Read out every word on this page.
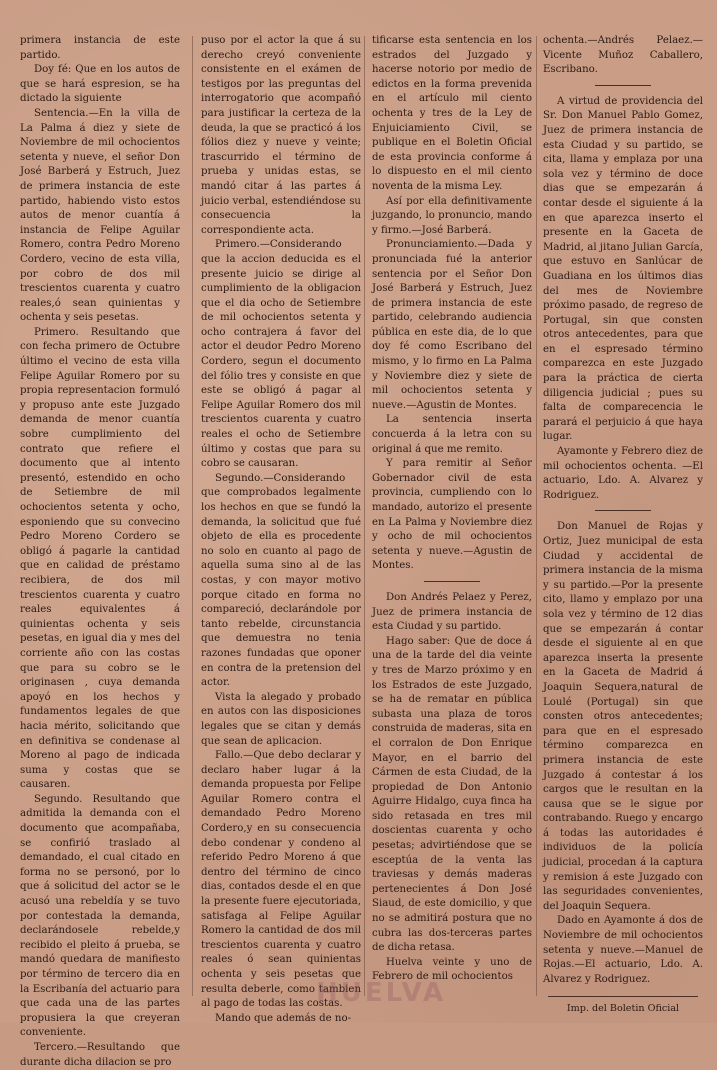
primera instancia de este partido.

Doy fé: Que en los autos de que se hará espresion, se ha dictado la siguiente

Sentencia.—En la villa de La Palma á diez y siete de Noviembre de mil ochocientos setenta y nueve, el señor Don José Barberá y Estruch, Juez de primera instancia de este partido, habiendo visto estos autos de menor cuantía á instancia de Felipe Aguilar Romero, contra Pedro Moreno Cordero, vecino de esta villa, por cobro de dos mil trescientos cuarenta y cuatro reales,ó sean quinientas y ochenta y seis pesetas.

Primero. Resultando que con fecha primero de Octubre último el vecino de esta villa Felipe Aguilar Romero por su propia representacion formuló y propuso ante este Juzgado demanda de menor cuantía sobre cumplimiento del contrato que refiere el documento que al intento presentó, estendido en ocho de Setiembre de mil ochocientos setenta y ocho, esponiendo que su convecino Pedro Moreno Cordero se obligó á pagarle la cantidad que en calidad de préstamo recibiera, de dos mil trescientos cuarenta y cuatro reales equivalentes á quinientas ochenta y seis pesetas, en igual dia y mes del corriente año con las costas que para su cobro se le originasen , cuya demanda apoyó en los hechos y fundamentos legales de que hacia mérito, solicitando que en definitiva se condenase al Moreno al pago de indicada suma y costas que se causaren.

Segundo. Resultando que admitida la demanda con el documento que acompañaba, se confirió traslado al demandado, el cual citado en forma no se personó, por lo que á solicitud del actor se le acusó una rebeldía y se tuvo por contestada la demanda, declarándosele rebelde,y recibido el pleito á prueba, se mandó quedara de manifiesto por término de tercero dia en la Escribanía del actuario para que cada una de las partes propusiera la que creyeran conveniente.

Tercero.—Resultando que durante dicha dilacion se pro

puso por el actor la que á su derecho creyó conveniente consistente en el exámen de testigos por las preguntas del interrogatorio que acompañó para justificar la certeza de la deuda, la que se practicó á los fólios diez y nueve y veinte; trascurrido el término de prueba y unidas estas, se mandó citar á las partes á juicio verbal, estendiéndose su consecuencia la correspondiente acta.

Primero.—Considerando que la accion deducida es el presente juicio se dirige al cumplimiento de la obligacion que el dia ocho de Setiembre de mil ochocientos setenta y ocho contrajera á favor del actor el deudor Pedro Moreno Cordero, segun el documento del fólio tres y consiste en que este se obligó á pagar al Felipe Aguilar Romero dos mil trescientos cuarenta y cuatro reales el ocho de Setiembre último y costas que para su cobro se causaran.

Segundo.—Considerando que comprobados legalmente los hechos en que se fundó la demanda, la solicitud que fué objeto de ella es procedente no solo en cuanto al pago de aquella suma sino al de las costas, y con mayor motivo porque citado en forma no compareció, declarándole por tanto rebelde, circunstancia que demuestra no tenia razones fundadas que oponer en contra de la pretension del actor.

Vista la alegado y probado en autos con las disposiciones legales que se citan y demás que sean de aplicacion.

Fallo.—Que debo declarar y declaro haber lugar á la demanda propuesta por Felipe Aguilar Romero contra el demandado Pedro Moreno Cordero,y en su consecuencia debo condenar y condeno al referido Pedro Moreno á que dentro del término de cinco dias, contados desde el en que la presente fuere ejecutoriada, satisfaga al Felipe Aguilar Romero la cantidad de dos mil trescientos cuarenta y cuatro reales ó sean quinientas ochenta y seis pesetas que resulta deberle, como tambien al pago de todas las costas.

Mando que además de no-

tificarse esta sentencia en los estrados del Juzgado y hacerse notorio por medio de edictos en la forma prevenida en el artículo mil ciento ochenta y tres de la Ley de Enjuiciamiento Civil, se publique en el Boletin Oficial de esta provincia conforme á lo dispuesto en el mil ciento noventa de la misma Ley.

Así por ella definitivamente juzgando, lo pronuncio, mando y firmo.—José Barberá.

Pronunciamiento.—Dada y pronunciada fué la anterior sentencia por el Señor Don José Barberá y Estruch, Juez de primera instancia de este partido, celebrando audiencia pública en este dia, de lo que doy fé como Escribano del mismo, y lo firmo en La Palma y Noviembre diez y siete de mil ochocientos setenta y nueve.—Agustin de Montes.

La sentencia inserta concuerda á la letra con su original á que me remito.

Y para remitir al Señor Gobernador civil de esta provincia, cumpliendo con lo mandado, autorizo el presente en La Palma y Noviembre diez y ocho de mil ochocientos setenta y nueve.—Agustin de Montes.

Don Andrés Pelaez y Perez, Juez de primera instancia de esta Ciudad y su partido.

Hago saber: Que de doce á una de la tarde del dia veinte y tres de Marzo próximo y en los Estrados de este Juzgado, se ha de rematar en pública subasta una plaza de toros construida de maderas, sita en el corralon de Don Enrique Mayor, en el barrio del Cármen de esta Ciudad, de la propiedad de Don Antonio Aguirre Hidalgo, cuya finca ha sido retasada en tres mil doscientas cuarenta y ocho pesetas; advirtiéndose que se esceptúa de la venta las traviesas y demás maderas pertenecientes á Don José Siaud, de este domicilio, y que no se admitirá postura que no cubra las dos-terceras partes de dicha retasa.

Huelva veinte y uno de Febrero de mil ochocientos

ochenta.—Andrés Pelaez.—Vicente Muñoz Caballero, Escribano.

A virtud de providencia del Sr. Don Manuel Pablo Gomez, Juez de primera instancia de esta Ciudad y su partido, se cita, llama y emplaza por una sola vez y término de doce dias que se empezarán á contar desde el siguiente á la en que aparezca inserto el presente en la Gaceta de Madrid, al jitano Julian García, que estuvo en Sanlúcar de Guadiana en los últimos dias del mes de Noviembre próximo pasado, de regreso de Portugal, sin que consten otros antecedentes, para que en el espresado término comparezca en este Juzgado para la práctica de cierta diligencia judicial ; pues su falta de comparecencia le parará el perjuicio á que haya lugar.

Ayamonte y Febrero diez de mil ochocientos ochenta. —El actuario, Ldo. A. Alvarez y Rodriguez.

Don Manuel de Rojas y Ortiz, Juez municipal de esta Ciudad y accidental de primera instancia de la misma y su partido.—Por la presente cito, llamo y emplazo por una sola vez y término de 12 dias que se empezarán á contar desde el siguiente al en que aparezca inserta la presente en la Gaceta de Madrid á Joaquin Sequera,natural de Loulé (Portugal) sin que consten otros antecedentes; para que en el espresado término comparezca en primera instancia de este Juzgado á contestar á los cargos que le resultan en la causa que se le sigue por contrabando. Ruego y encargo á todas las autoridades é individuos de la policía judicial, procedan á la captura y remision á este Juzgado con las seguridades convenientes, del Joaquin Sequera.

Dado en Ayamonte á dos de Noviembre de mil ochocientos setenta y nueve.—Manuel de Rojas.—El actuario, Ldo. A. Alvarez y Rodriguez.

Imp. del Boletin Oficial
HUELVA
